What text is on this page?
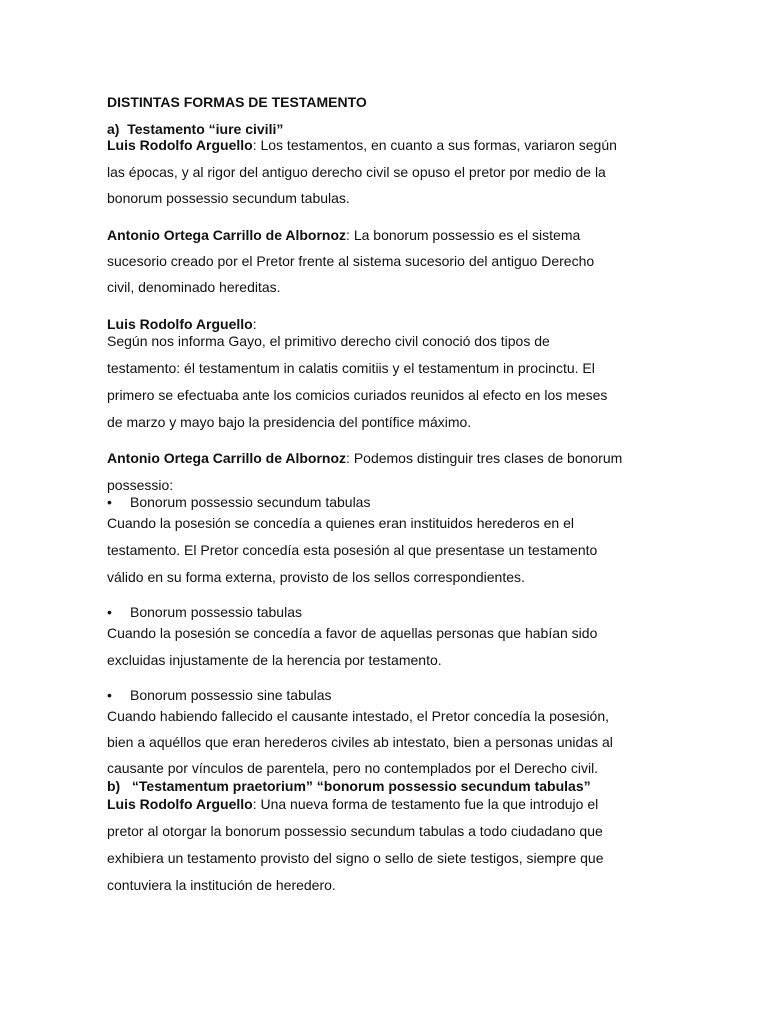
DISTINTAS FORMAS DE TESTAMENTO
a) Testamento “iure civili”
Luis Rodolfo Arguello: Los testamentos, en cuanto a sus formas, variaron según
las épocas, y al rigor del antiguo derecho civil se opuso el pretor por medio de la
bonorum possessio secundum tabulas.
Antonio Ortega Carrillo de Albornoz: La bonorum possessio es el sistema
sucesorio creado por el Pretor frente al sistema sucesorio del antiguo Derecho
civil, denominado hereditas.
Luis Rodolfo Arguello:
Según nos informa Gayo, el primitivo derecho civil conoció dos tipos de
testamento: él testamentum in calatis comitiis y el testamentum in procinctu. El
primero se efectuaba ante los comicios curiados reunidos al efecto en los meses
de marzo y mayo bajo la presidencia del pontífice máximo.
Antonio Ortega Carrillo de Albornoz: Podemos distinguir tres clases de bonorum
possessio:
• Bonorum possessio secundum tabulas
Cuando la posesión se concedía a quienes eran instituidos herederos en el
testamento. El Pretor concedía esta posesión al que presentase un testamento
válido en su forma externa, provisto de los sellos correspondientes.
• Bonorum possessio tabulas
Cuando la posesión se concedía a favor de aquellas personas que habían sido
excluidas injustamente de la herencia por testamento.
• Bonorum possessio sine tabulas
Cuando habiendo fallecido el causante intestado, el Pretor concedía la posesión,
bien a aquéllos que eran herederos civiles ab intestato, bien a personas unidas al
causante por vínculos de parentela, pero no contemplados por el Derecho civil.
b) “Testamentum praetorium” “bonorum possessio secundum tabulas”
Luis Rodolfo Arguello: Una nueva forma de testamento fue la que introdujo el
pretor al otorgar la bonorum possessio secundum tabulas a todo ciudadano que
exhibiera un testamento provisto del signo o sello de siete testigos, siempre que
contuviera la institución de heredero.
